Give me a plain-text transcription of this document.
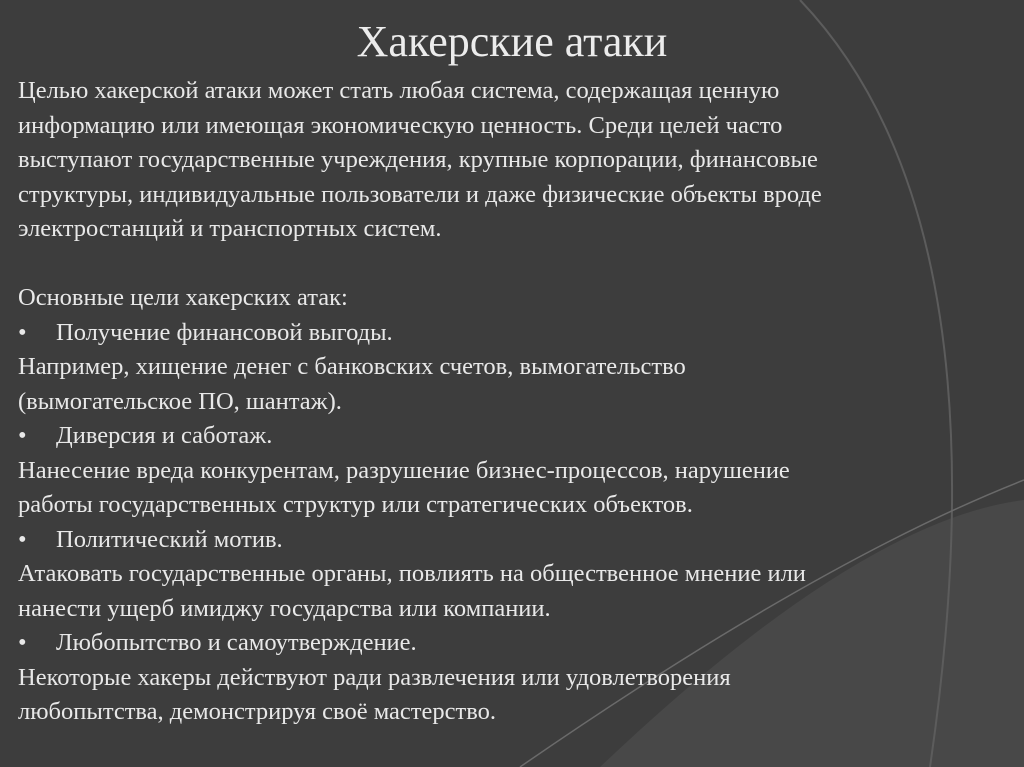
Хакерские атаки
Целью хакерской атаки может стать любая система, содержащая ценную
информацию или имеющая экономическую ценность. Среди целей часто
выступают государственные учреждения, крупные корпорации, финансовые
структуры, индивидуальные пользователи и даже физические объекты вроде
электростанций и транспортных систем.
Основные цели хакерских атак:
•	Получение финансовой выгоды.
Например, хищение денег с банковских счетов, вымогательство
(вымогательское ПО, шантаж).
•	Диверсия и саботаж.
Нанесение вреда конкурентам, разрушение бизнес-процессов, нарушение
работы государственных структур или стратегических объектов.
•	Политический мотив.
Атаковать государственные органы, повлиять на общественное мнение или
нанести ущерб имиджу государства или компании.
•	Любопытство и самоутверждение.
Некоторые хакеры действуют ради развлечения или удовлетворения
любопытства, демонстрируя своё мастерство.
